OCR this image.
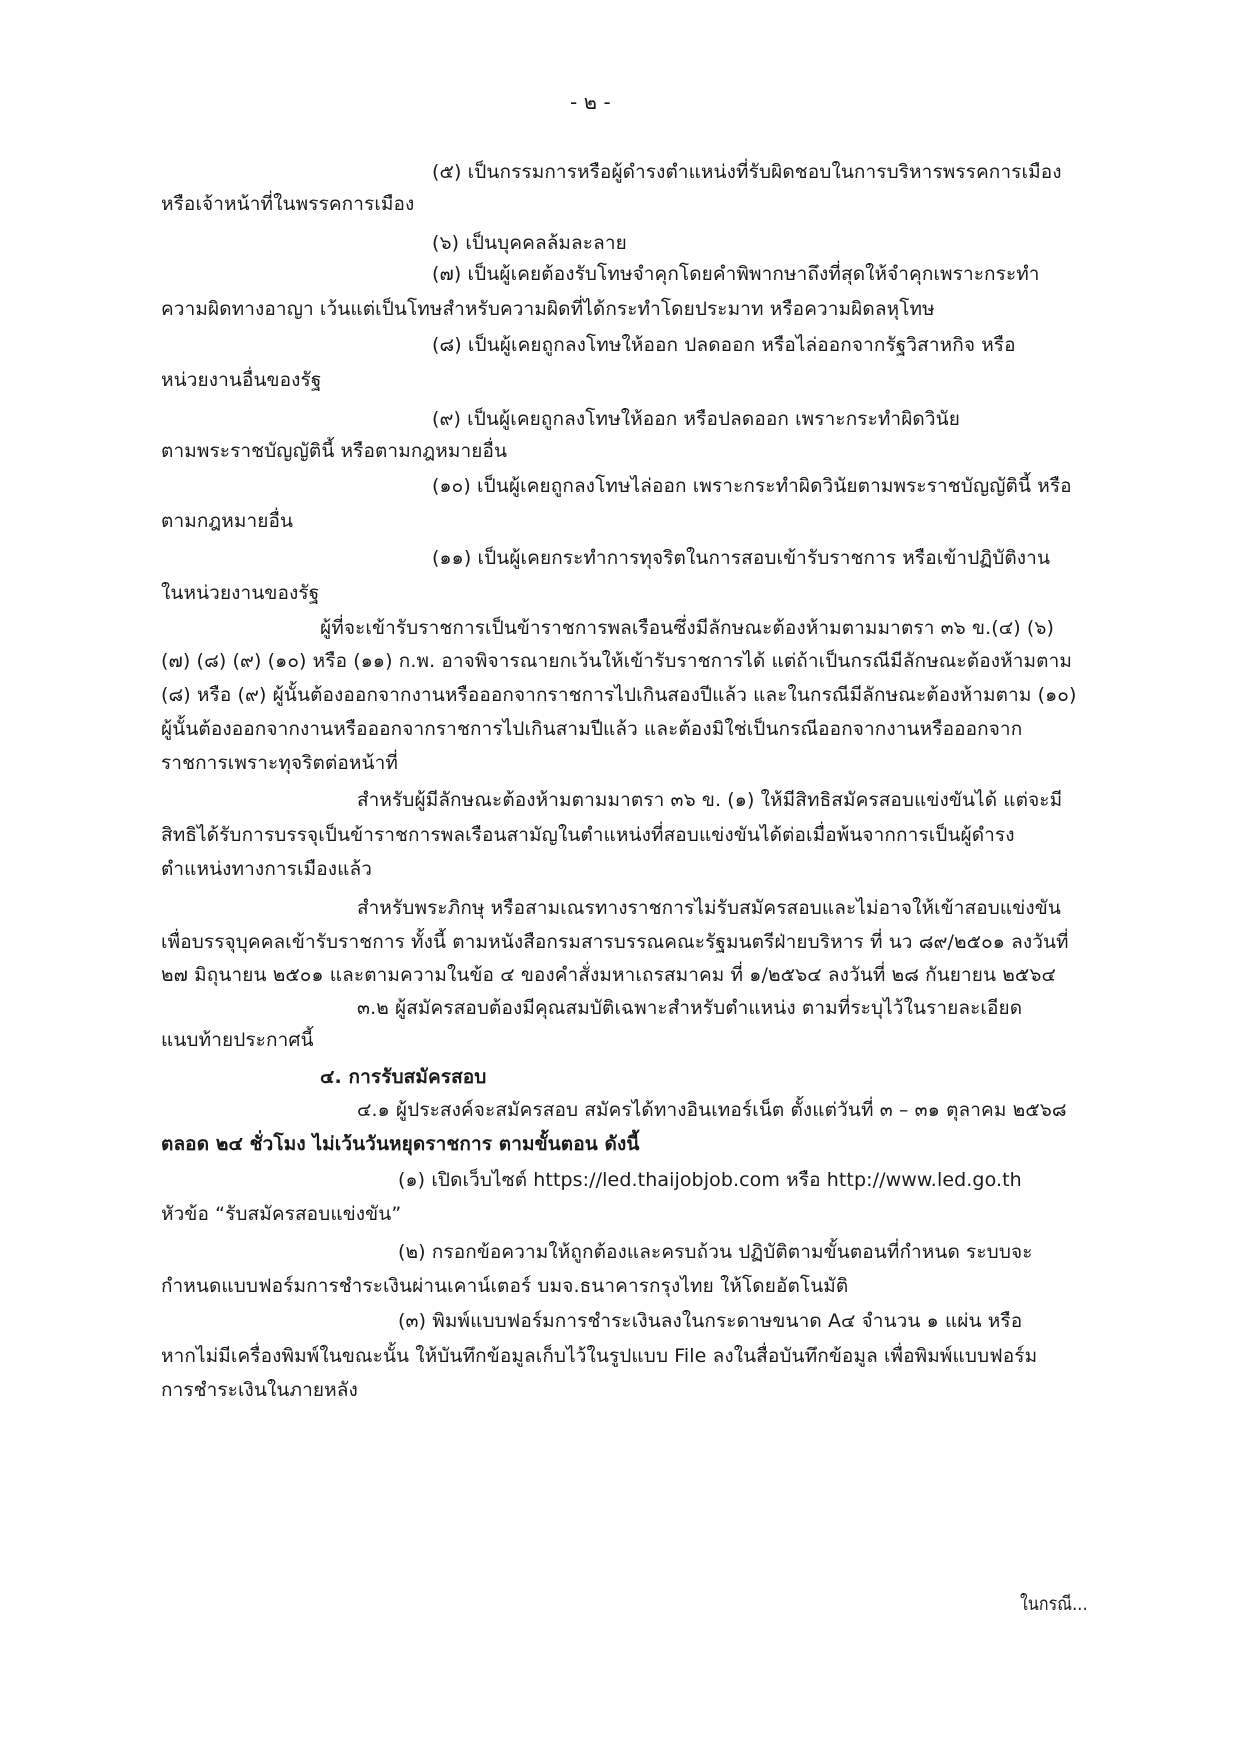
- ๒ -
(๕) เป็นกรรมการหรือผู้ดำรงตำแหน่งที่รับผิดชอบในการบริหารพรรคการเมือง
หรือเจ้าหน้าที่ในพรรคการเมือง
(๖) เป็นบุคคลล้มละลาย
(๗) เป็นผู้เคยต้องรับโทษจำคุกโดยคำพิพากษาถึงที่สุดให้จำคุกเพราะกระทำ
ความผิดทางอาญา เว้นแต่เป็นโทษสำหรับความผิดที่ได้กระทำโดยประมาท หรือความผิดลหุโทษ
(๘) เป็นผู้เคยถูกลงโทษให้ออก ปลดออก หรือไล่ออกจากรัฐวิสาหกิจ หรือ
หน่วยงานอื่นของรัฐ
(๙) เป็นผู้เคยถูกลงโทษให้ออก หรือปลดออก เพราะกระทำผิดวินัย
ตามพระราชบัญญัตินี้ หรือตามกฎหมายอื่น
(๑๐) เป็นผู้เคยถูกลงโทษไล่ออก เพราะกระทำผิดวินัยตามพระราชบัญญัตินี้ หรือ
ตามกฎหมายอื่น
(๑๑) เป็นผู้เคยกระทำการทุจริตในการสอบเข้ารับราชการ หรือเข้าปฏิบัติงาน
ในหน่วยงานของรัฐ
ผู้ที่จะเข้ารับราชการเป็นข้าราชการพลเรือนซึ่งมีลักษณะต้องห้ามตามมาตรา ๓๖ ข.(๔) (๖)
(๗) (๘) (๙) (๑๐) หรือ (๑๑) ก.พ. อาจพิจารณายกเว้นให้เข้ารับราชการได้ แต่ถ้าเป็นกรณีมีลักษณะต้องห้ามตาม
(๘) หรือ (๙) ผู้นั้นต้องออกจากงานหรือออกจากราชการไปเกินสองปีแล้ว และในกรณีมีลักษณะต้องห้ามตาม (๑๐)
ผู้นั้นต้องออกจากงานหรือออกจากราชการไปเกินสามปีแล้ว และต้องมิใช่เป็นกรณีออกจากงานหรือออกจาก
ราชการเพราะทุจริตต่อหน้าที่
สำหรับผู้มีลักษณะต้องห้ามตามมาตรา ๓๖ ข. (๑) ให้มีสิทธิสมัครสอบแข่งขันได้ แต่จะมี
สิทธิได้รับการบรรจุเป็นข้าราชการพลเรือนสามัญในตำแหน่งที่สอบแข่งขันได้ต่อเมื่อพ้นจากการเป็นผู้ดำรง
ตำแหน่งทางการเมืองแล้ว
สำหรับพระภิกษุ หรือสามเณรทางราชการไม่รับสมัครสอบและไม่อาจให้เข้าสอบแข่งขัน
เพื่อบรรจุบุคคลเข้ารับราชการ ทั้งนี้ ตามหนังสือกรมสารบรรณคณะรัฐมนตรีฝ่ายบริหาร ที่ นว ๘๙/๒๕๐๑ ลงวันที่
๒๗ มิถุนายน ๒๕๐๑ และตามความในข้อ ๔ ของคำสั่งมหาเถรสมาคม ที่ ๑/๒๕๖๔ ลงวันที่ ๒๘ กันยายน ๒๕๖๔
๓.๒ ผู้สมัครสอบต้องมีคุณสมบัติเฉพาะสำหรับตำแหน่ง ตามที่ระบุไว้ในรายละเอียด
แนบท้ายประกาศนี้
๔. การรับสมัครสอบ
๔.๑ ผู้ประสงค์จะสมัครสอบ สมัครได้ทางอินเทอร์เน็ต ตั้งแต่วันที่ ๓ – ๓๑ ตุลาคม ๒๕๖๘
ตลอด ๒๔ ชั่วโมง ไม่เว้นวันหยุดราชการ ตามขั้นตอน ดังนี้
(๑) เปิดเว็บไซต์ https://led.thaijobjob.com หรือ http://www.led.go.th
หัวข้อ “รับสมัครสอบแข่งขัน”
(๒) กรอกข้อความให้ถูกต้องและครบถ้วน ปฏิบัติตามขั้นตอนที่กำหนด ระบบจะ
กำหนดแบบฟอร์มการชำระเงินผ่านเคาน์เตอร์ บมจ.ธนาคารกรุงไทย ให้โดยอัตโนมัติ
(๓) พิมพ์แบบฟอร์มการชำระเงินลงในกระดาษขนาด A๔ จำนวน ๑ แผ่น หรือ
หากไม่มีเครื่องพิมพ์ในขณะนั้น ให้บันทึกข้อมูลเก็บไว้ในรูปแบบ File ลงในสื่อบันทึกข้อมูล เพื่อพิมพ์แบบฟอร์ม
การชำระเงินในภายหลัง
ในกรณี...
